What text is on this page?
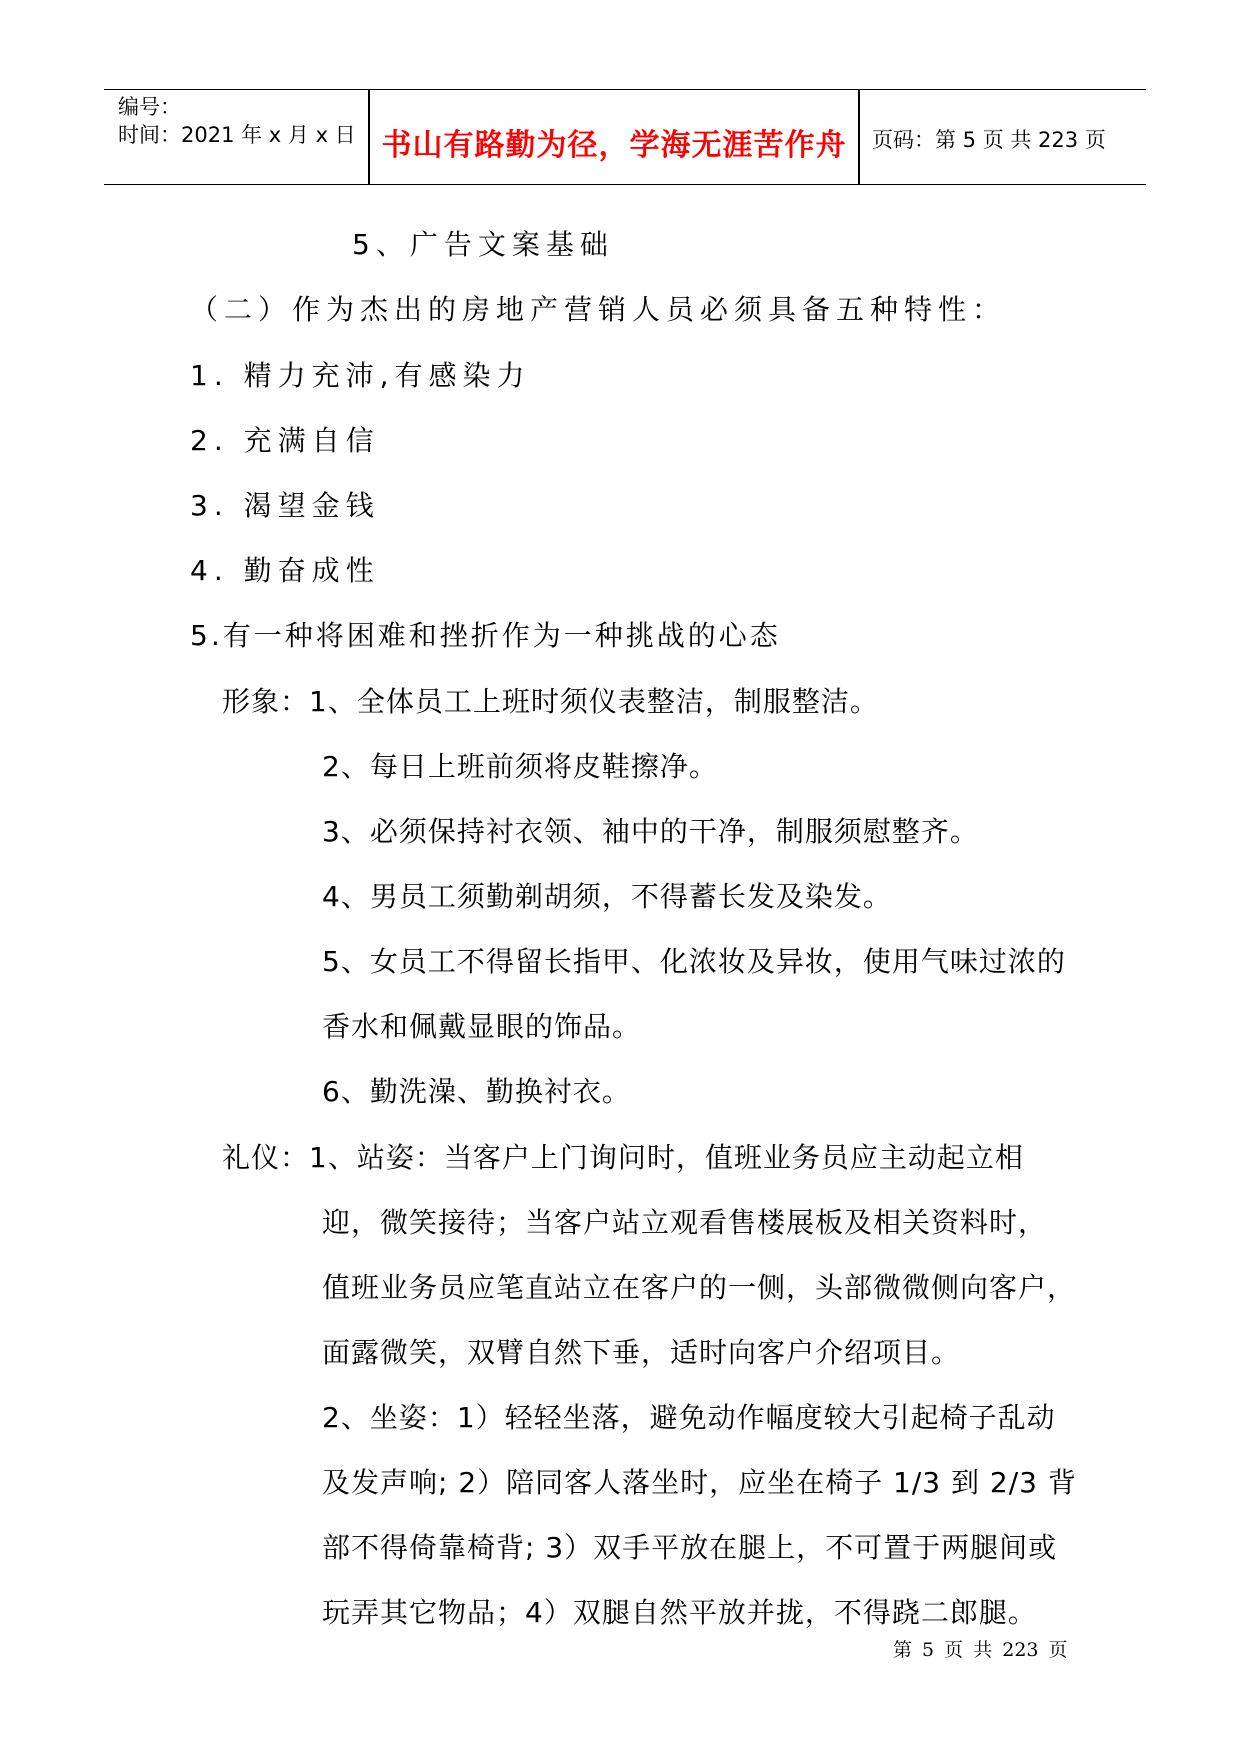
编号：
时间：2021 年 x 月 x 日 书山有路勤为径，学海无涯苦作舟	页码：第 5 页 共 223 页
5、广告文案基础
（二）作为杰出的房地产营销人员必须具备五种特性：
1. 精力充沛,有感染力
2. 充满自信
3. 渴望金钱
4. 勤奋成性
5.有一种将困难和挫折作为一种挑战的心态
形象：1、全体员工上班时须仪表整洁，制服整洁。
2、每日上班前须将皮鞋擦净。
3、必须保持衬衣领、袖中的干净，制服须慰整齐。
4、男员工须勤剃胡须，不得蓄长发及染发。
5、女员工不得留长指甲、化浓妆及异妆，使用气味过浓的
香水和佩戴显眼的饰品。
6、勤洗澡、勤换衬衣。
礼仪：1、站姿：当客户上门询问时，值班业务员应主动起立相
迎，微笑接待；当客户站立观看售楼展板及相关资料时，
值班业务员应笔直站立在客户的一侧，头部微微侧向客户，
面露微笑，双臂自然下垂，适时向客户介绍项目。
2、坐姿：1）轻轻坐落，避免动作幅度较大引起椅子乱动
及发声响; 2）陪同客人落坐时，应坐在椅子 1/3 到 2/3 背
部不得倚靠椅背; 3）双手平放在腿上，不可置于两腿间或
玩弄其它物品；4）双腿自然平放并拢，不得跷二郎腿。
第 5 页 共 223 页
